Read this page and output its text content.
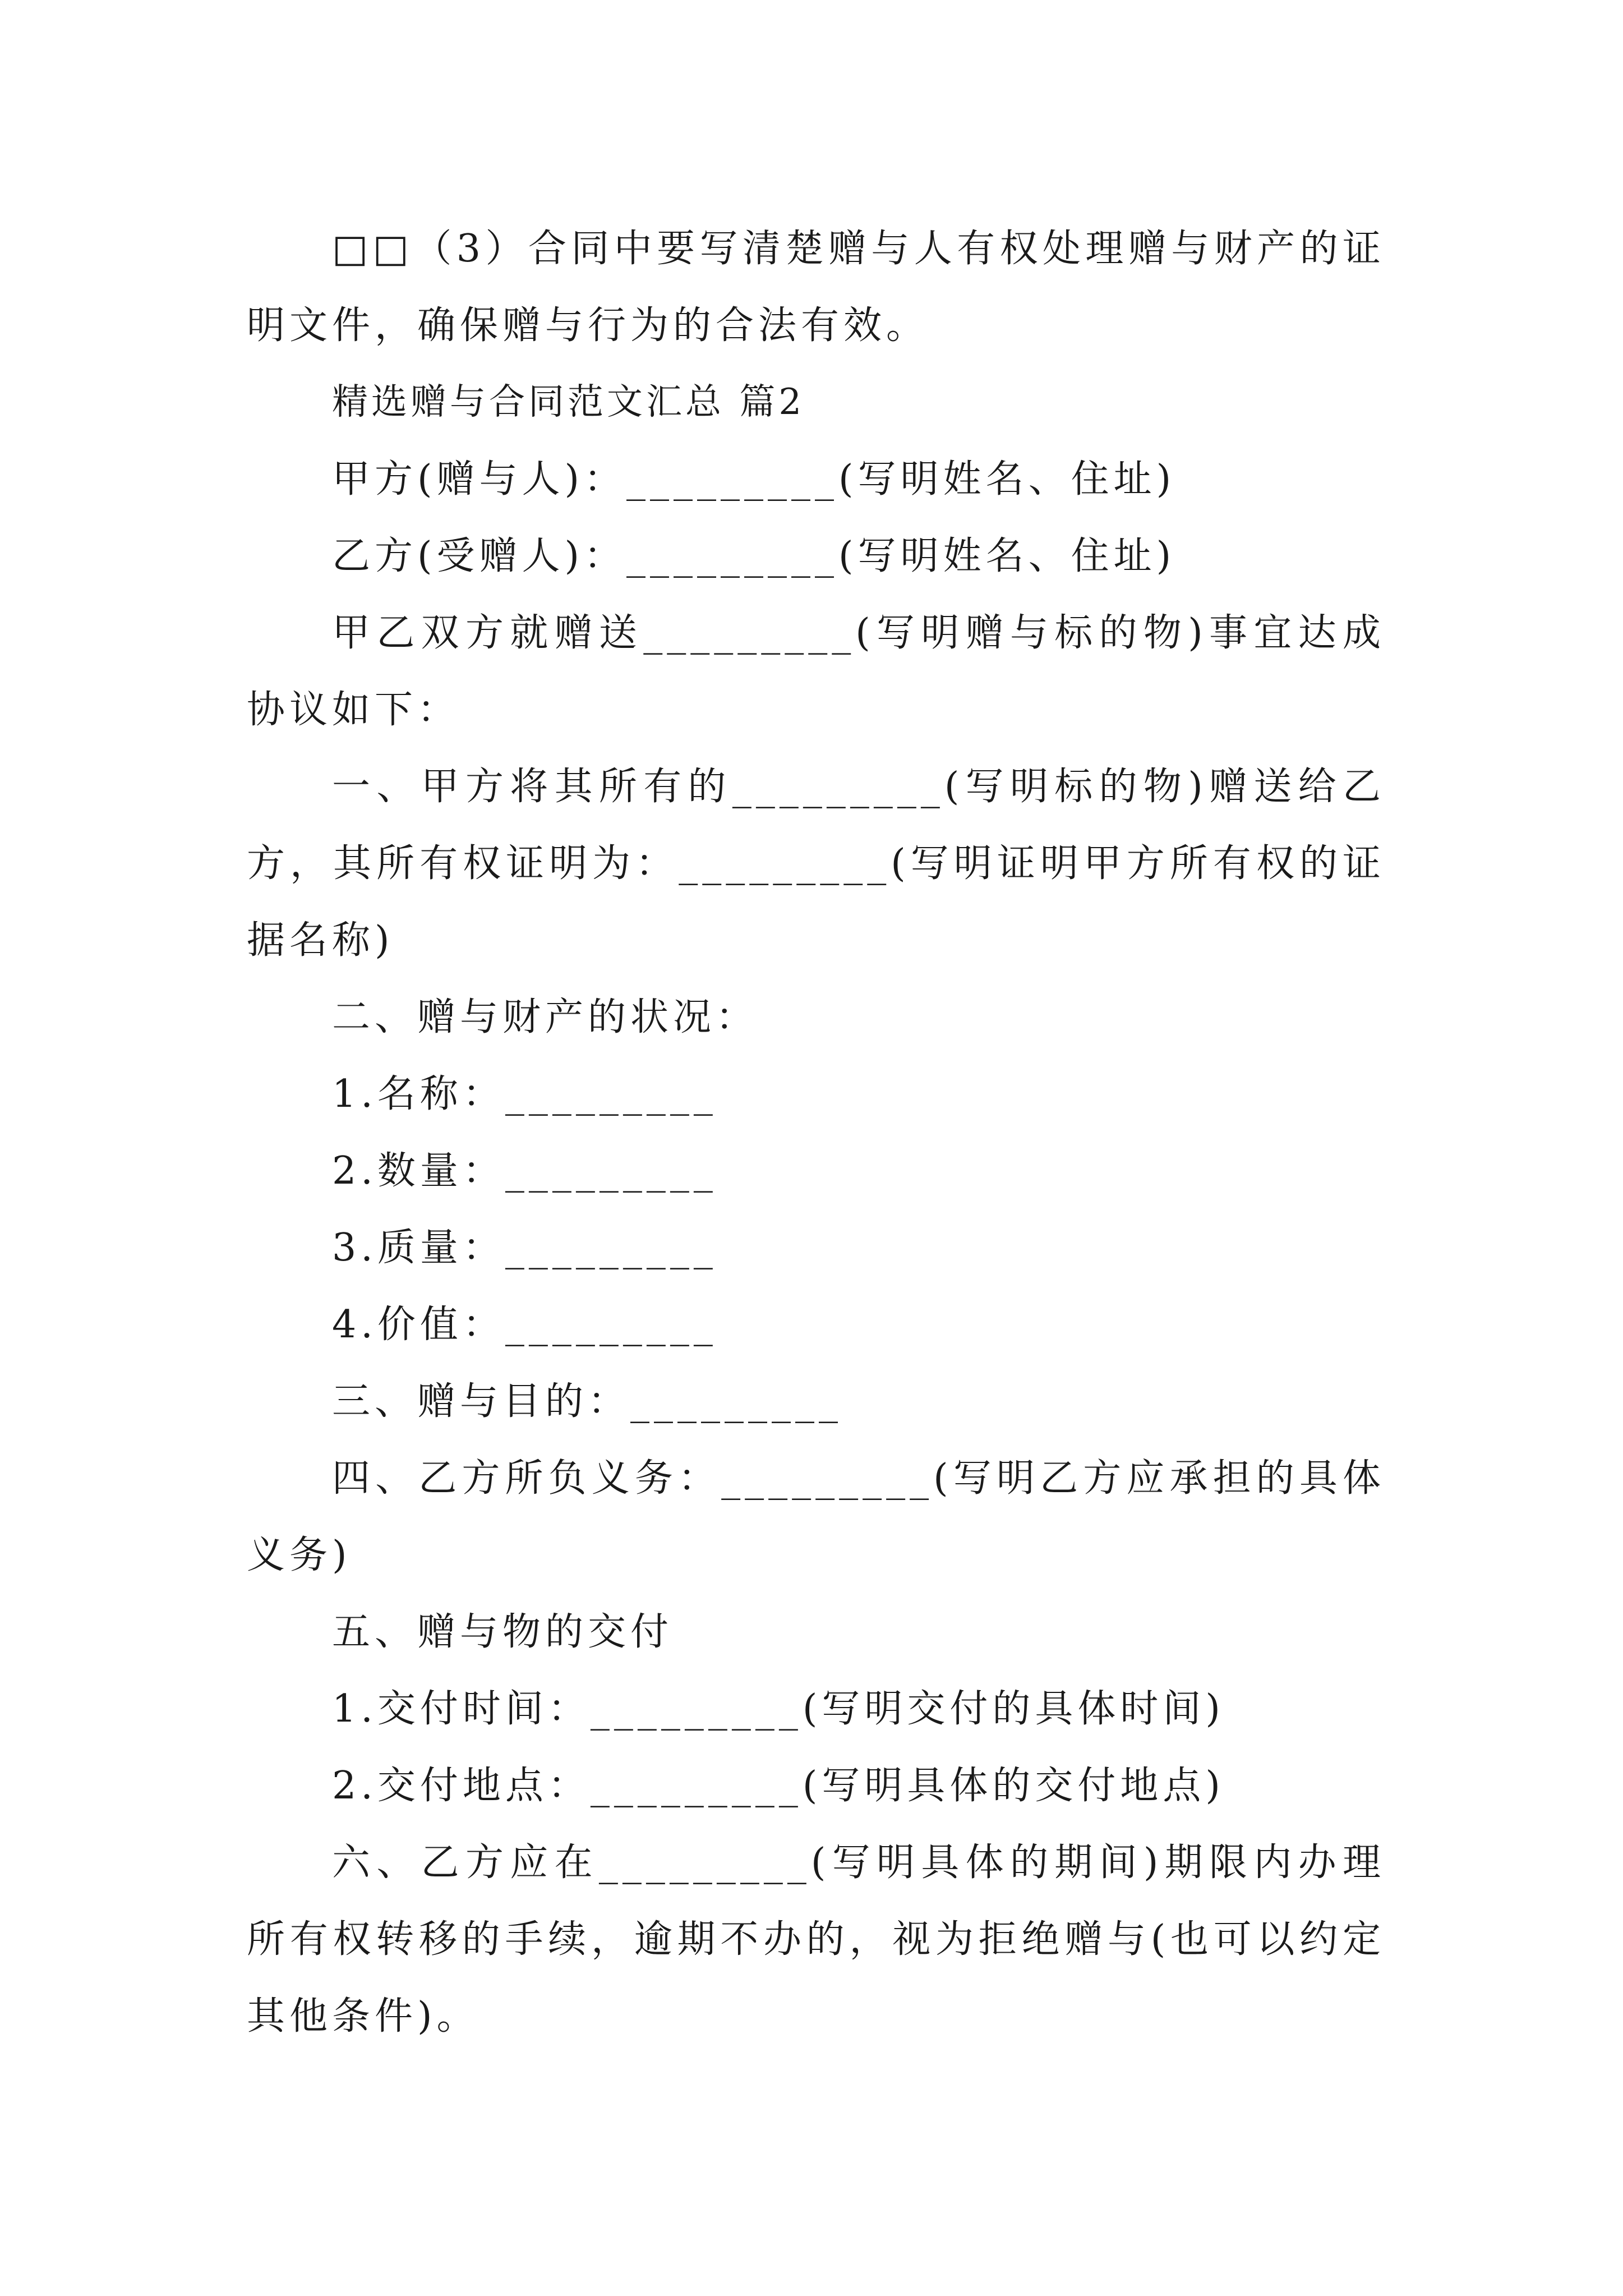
□□（3）合同中要写清楚赠与人有权处理赠与财产的证明文件，确保赠与行为的合法有效。

精选赠与合同范文汇总 篇2

甲方(赠与人)：_________(写明姓名、住址)

乙方(受赠人)：_________(写明姓名、住址)

甲乙双方就赠送_________(写明赠与标的物)事宜达成协议如下：

一、甲方将其所有的_________(写明标的物)赠送给乙方，其所有权证明为：_________(写明证明甲方所有权的证据名称)

二、赠与财产的状况：

1.名称：_________

2.数量：_________

3.质量：_________

4.价值：_________

三、赠与目的：_________

四、乙方所负义务：_________(写明乙方应承担的具体义务)

五、赠与物的交付

1.交付时间：_________(写明交付的具体时间)

2.交付地点：_________(写明具体的交付地点)

六、乙方应在_________(写明具体的期间)期限内办理所有权转移的手续，逾期不办的，视为拒绝赠与(也可以约定其他条件)。
